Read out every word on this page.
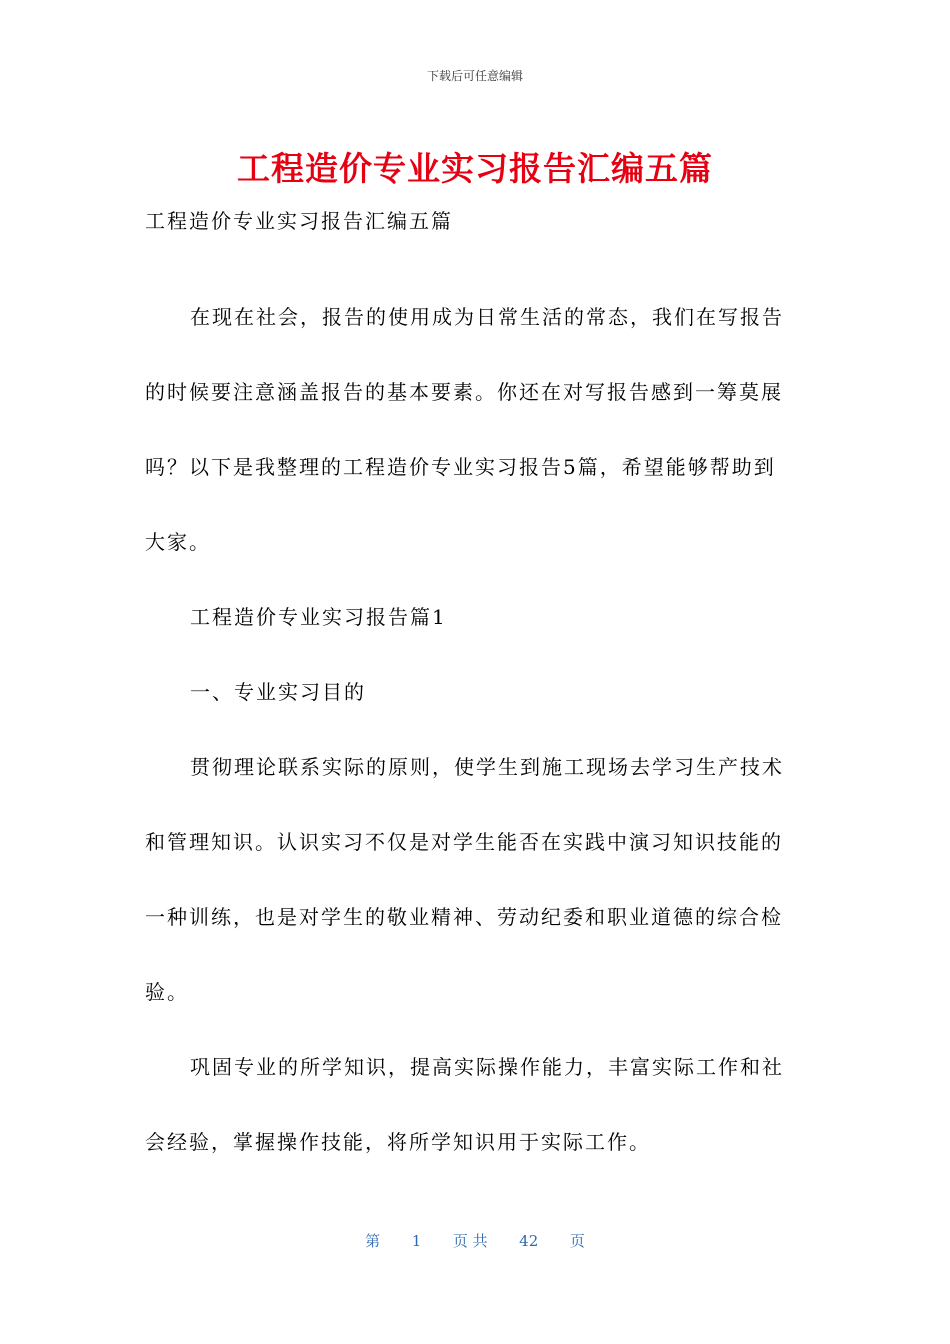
下载后可任意编辑
工程造价专业实习报告汇编五篇
工程造价专业实习报告汇编五篇
在现在社会，报告的使用成为日常生活的常态，我们在写报告
的时候要注意涵盖报告的基本要素。你还在对写报告感到一筹莫展
吗？以下是我整理的工程造价专业实习报告5篇，希望能够帮助到
大家。
工程造价专业实习报告篇1
一、专业实习目的
贯彻理论联系实际的原则，使学生到施工现场去学习生产技术
和管理知识。认识实习不仅是对学生能否在实践中演习知识技能的
一种训练，也是对学生的敬业精神、劳动纪委和职业道德的综合检
验。
巩固专业的所学知识，提高实际操作能力，丰富实际工作和社
会经验，掌握操作技能，将所学知识用于实际工作。
第 1 页 共 42 页
